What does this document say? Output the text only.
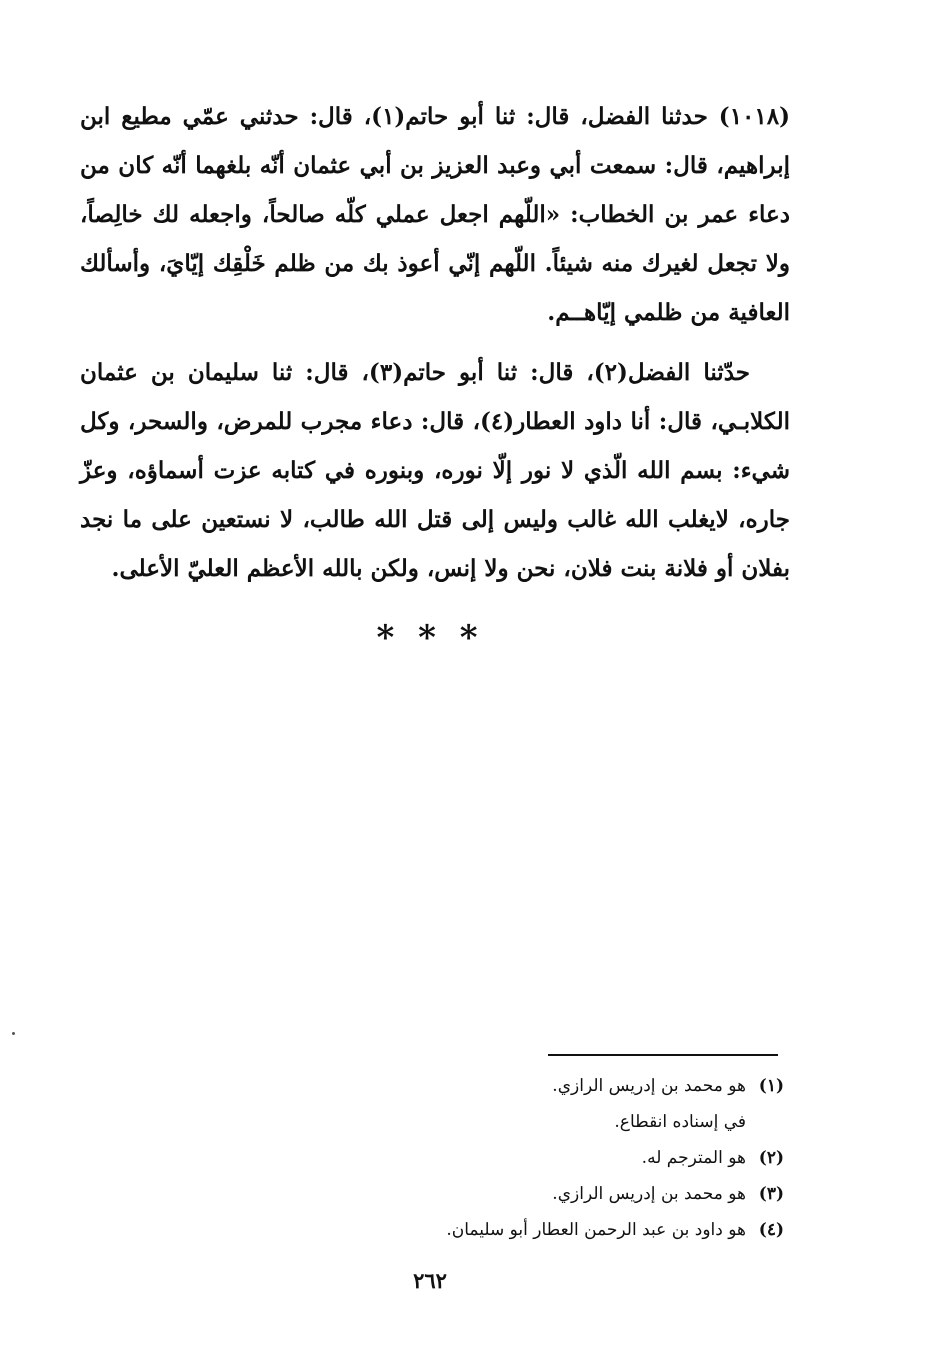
(١٠١٨) حدثنا الفضل، قال: ثنا أبو حاتم(١)، قال: حدثني عمّي مطيع ابن إبراهيم، قال: سمعت أبي وعبد العزيز بن أبي عثمان أنّه بلغهما أنّه كان من دعاء عمر بن الخطاب: «اللّهم اجعل عملي كلّه صالحاً، واجعله لك خالِصاً، ولا تجعل لغيرك منه شيئاً. اللّهم إنّي أعوذ بك من ظلم خَلْقِك إيّايَ، وأسألك العافية من ظلمي إيّاهــم.
حدّثنا الفضل(٢)، قال: ثنا أبو حاتم(٣)، قال: ثنا سليمان بن عثمان الكلابـي، قال: أنا داود العطار(٤)، قال: دعاء مجرب للمرض، والسحر، وكل شيء: بسم الله الّذي لا نور إلّا نوره، وبنوره في كتابه عزت أسماؤه، وعزّ جاره، لايغلب الله غالب وليس إلى قتل الله طالب، لا نستعين على ما نجد بفلان أو فلانة بنت فلان، نحن ولا إنس، ولكن بالله الأعظم العليّ الأعلى.
* * *
(١)هو محمد بن إدريس الرازي.
في إسناده انقطاع.
(٢)هو المترجم له.
(٣)هو محمد بن إدريس الرازي.
(٤)هو داود بن عبد الرحمن العطار أبو سليمان.
٢٦٢
